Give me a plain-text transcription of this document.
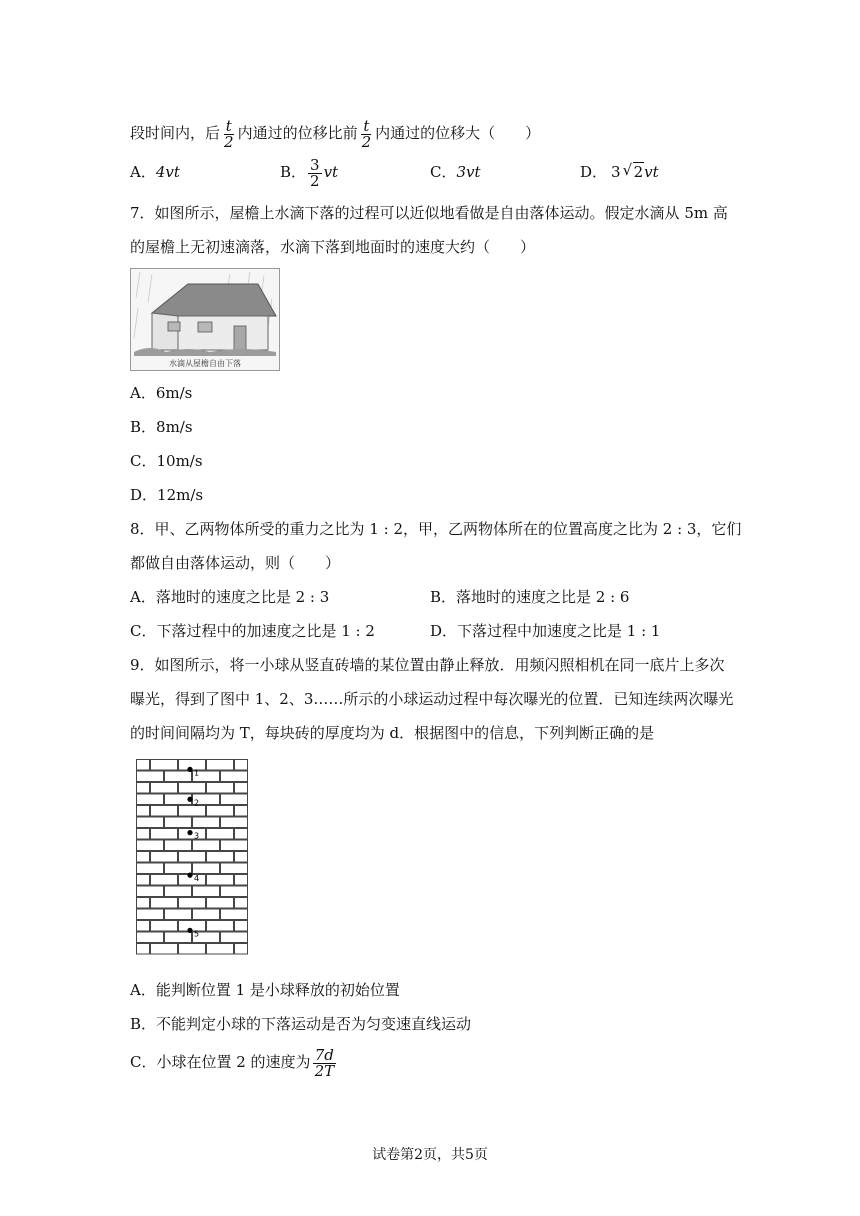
段时间内，后 $\frac{t}{2}$ 内通过的位移比前 $\frac{t}{2}$ 内通过的位移大（　　）
A．4vt	B． $\frac{3}{2}$ vt	C．3vt	D． 3 √ 2vt
7．如图所示，屋檐上水滴下落的过程可以近似地看做是自由落体运动。假定水滴从 5m 高
的屋檐上无初速滴落，水滴下落到地面时的速度大约（　　）
水滴从屋檐自由下落
A．6m/s
B．8m/s
C．10m/s
D．12m/s
8．甲、乙两物体所受的重力之比为 1 : 2，甲，乙两物体所在的位置高度之比为 2 : 3，它们
都做自由落体运动，则（　　）
A．落地时的速度之比是 2 : 3	B．落地时的速度之比是 2 : 6
C．下落过程中的加速度之比是 1 : 2	D．下落过程中加速度之比是 1 : 1
9．如图所示，将一小球从竖直砖墙的某位置由静止释放．用频闪照相机在同一底片上多次
曝光，得到了图中 1、2、3……所示的小球运动过程中每次曝光的位置．已知连续两次曝光
的时间间隔均为 T，每块砖的厚度均为 d．根据图中的信息，下列判断正确的是
1
2
3
4
5
A．能判断位置 1 是小球释放的初始位置
B．不能判定小球的下落运动是否为匀变速直线运动
C．小球在位置 2 的速度为 $\frac{7d}{2T}$
试卷第2页，共5页
